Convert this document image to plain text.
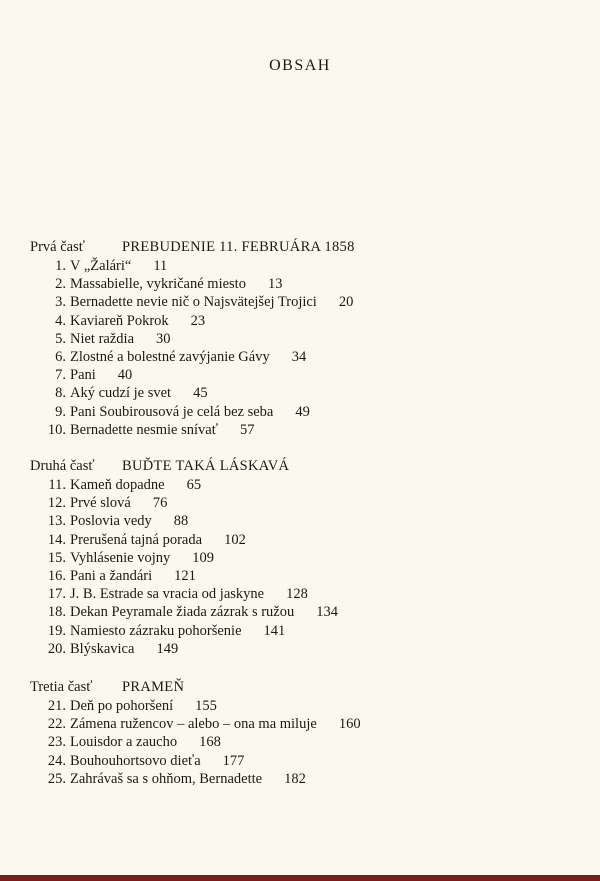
OBSAH
Prvá časť	PREBUDENIE 11. FEBRUÁRA 1858
1. V „Žalári“ 11
2. Massabielle, vykričané miesto 13
3. Bernadette nevie nič o Najsvätejšej Trojici 20
4. Kaviareň Pokrok 23
5. Niet raždia 30
6. Zlostné a bolestné zavýjanie Gávy 34
7. Pani 40
8. Aký cudzí je svet 45
9. Pani Soubirousová je celá bez seba 49
10. Bernadette nesmie snívať 57
Druhá časť BUĎTE TAKÁ LÁSKAVÁ
11. Kameň dopadne 65
12. Prvé slová 76
13. Poslovia vedy 88
14. Prerušená tajná porada 102
15. Vyhlásenie vojny 109
16. Pani a žandári 121
17. J. B. Estrade sa vracia od jaskyne 128
18. Dekan Peyramale žiada zázrak s ružou 134
19. Namiesto zázraku pohoršenie 141
20. Blýskavica 149
Tretia časť PRAMEŇ
21. Deň po pohoršení 155
22. Zámena ružencov – alebo – ona ma miluje 160
23. Louisdor a zaucho 168
24. Bouhouhortsovo dieťa 177
25. Zahrávaš sa s ohňom, Bernadette 182
